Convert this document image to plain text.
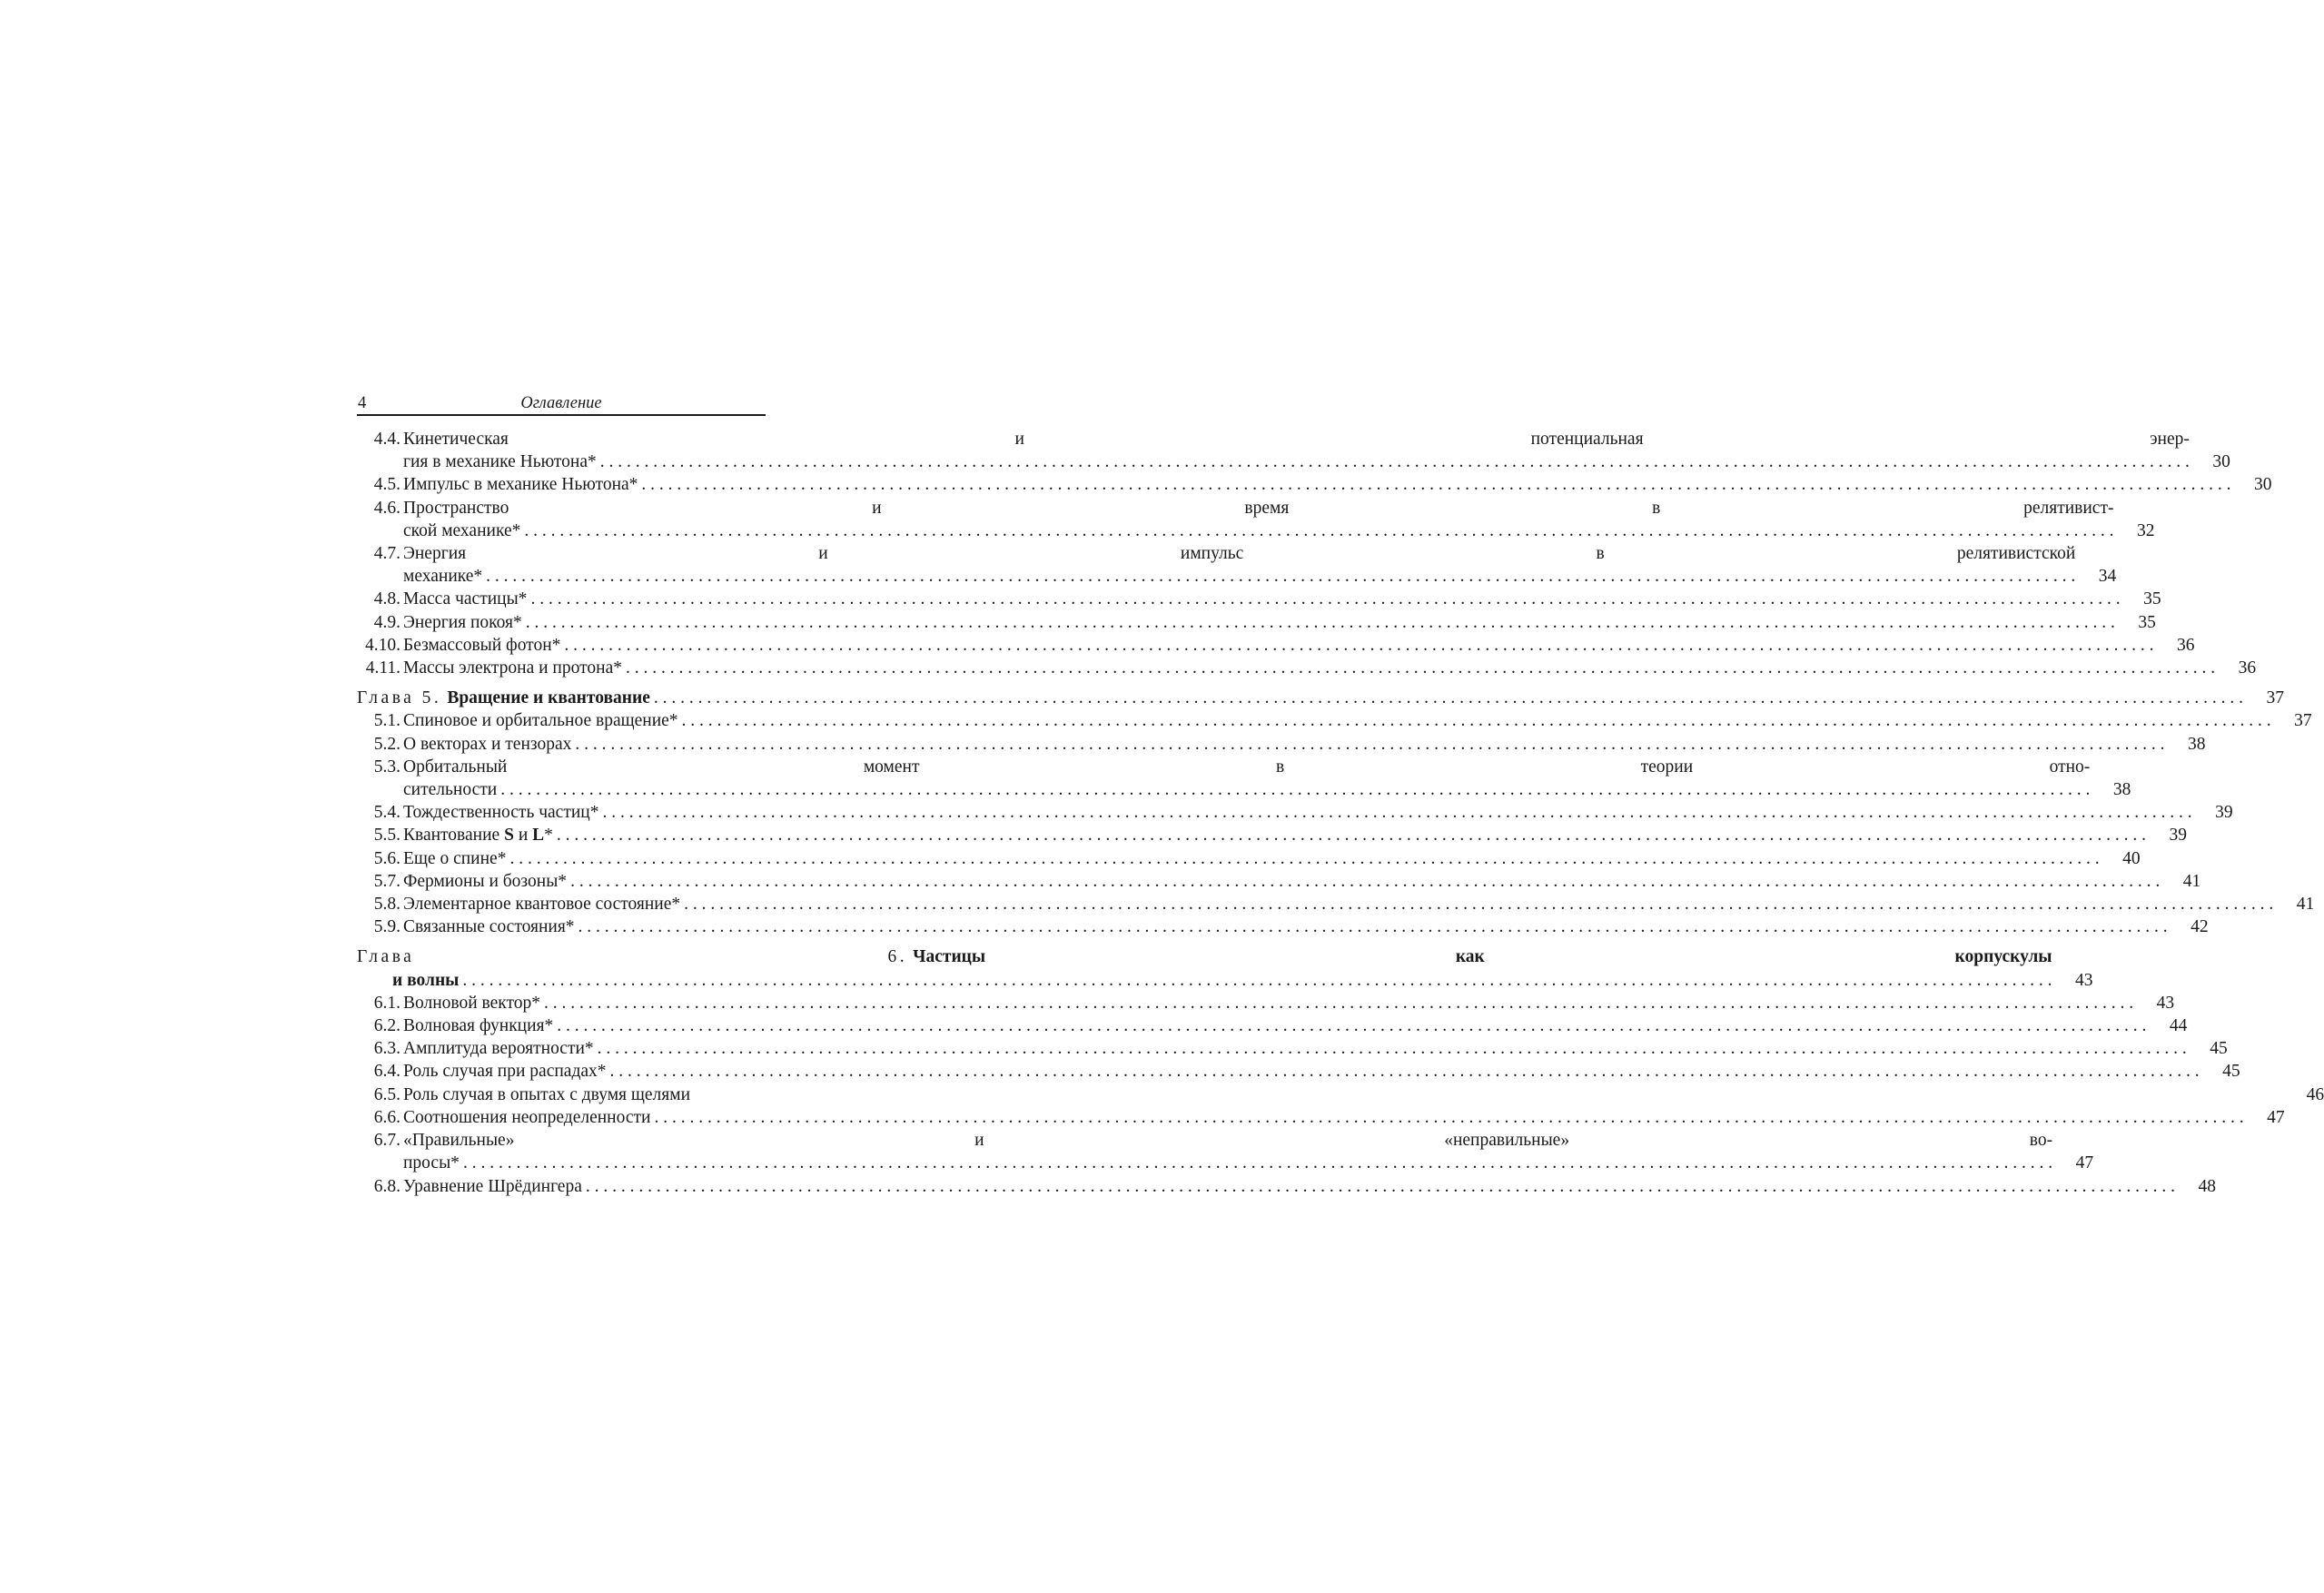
4	Оглавление
4.4. Кинетическая и потенциальная энер-
гия в механике Ньютона* . . .	30
4.5. Импульс в механике Ньютона* . . .	30
4.6. Пространство и время в релятивист-
ской механике* . . .	32
4.7. Энергия и импульс в релятивистской
механике* . . .	34
4.8. Масса частицы* . . .	35
4.9. Энергия покоя* . . .	35
4.10. Безмассовый фотон* . . .	36
4.11. Массы электрона и протона* . . .	36
Глава 5. Вращение и квантование . . .	37
5.1. Спиновое и орбитальное вращение* . . .	37
5.2. О векторах и тензорах . . .	38
5.3. Орбитальный момент в теории отно-
сительности . . .	38
5.4. Тождественность частиц* . . .	39
5.5. Квантование S и L* . . .	39
5.6. Еще о спине* . . .	40
5.7. Фермионы и бозоны* . . .	41
5.8. Элементарное квантовое состояние* . . .	41
5.9. Связанные состояния* . . .	42
Глава 6. Частицы как корпускулы
и волны . . .	43
6.1. Волновой вектор* . . .	43
6.2. Волновая функция* . . .	44
6.3. Амплитуда вероятности* . . .	45
6.4. Роль случая при распадах* . . .	45
6.5. Роль случая в опытах с двумя щелями	46
6.6. Соотношения неопределенности . . .	47
6.7. «Правильные» и «неправильные» во-
просы* . . .	47
6.8. Уравнение Шрёдингера . . .	48
